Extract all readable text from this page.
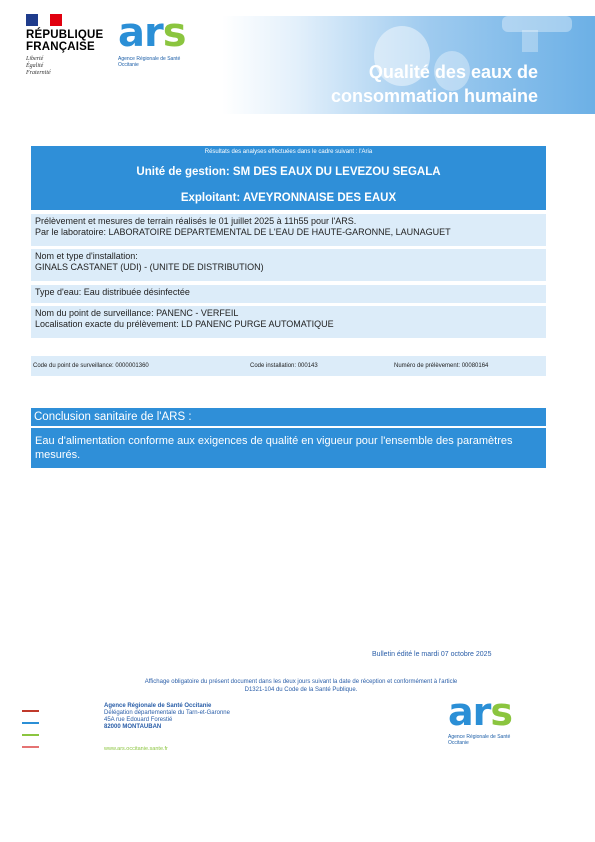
RÉPUBLIQUE
FRANÇAISE
Liberté
Égalité
Fraternité
ars
Agence Régionale de Santé
Occitanie	Qualité des eaux de
consommation humaine
Résultats des analyses effectuées dans le cadre suivant : l'Aria
Unité de gestion: SM DES EAUX DU LEVEZOU SEGALA
Exploitant: AVEYRONNAISE DES EAUX
Prélèvement et mesures de terrain réalisés le 01 juillet 2025 à 11h55 pour l'ARS.
Par le laboratoire: LABORATOIRE DEPARTEMENTAL DE L'EAU DE HAUTE-GARONNE, LAUNAGUET
Nom et type d'installation:
GINALS CASTANET (UDI) - (UNITE DE DISTRIBUTION)
Type d'eau: Eau distribuée désinfectée
Nom du point de surveillance: PANENC - VERFEIL
Localisation exacte du prélèvement: LD PANENC PURGE AUTOMATIQUE
Code du point de surveillance: 0000001360	Code installation: 000143	Numéro de prélèvement: 00080164
Conclusion sanitaire de l'ARS :
Eau d'alimentation conforme aux exigences de qualité en vigueur pour l'ensemble des paramètres mesurés.
Bulletin édité le mardi 07 octobre 2025
Affichage obligatoire du présent document dans les deux jours suivant la date de réception et conformément à l'article
D1321-104 du Code de la Santé Publique.
Agence Régionale de Santé Occitanie
Délégation départementale du Tarn-et-Garonne
45A rue Edouard Forestié
82000 MONTAUBAN
www.ars.occitanie.sante.fr
ars
Agence Régionale de Santé
Occitanie
